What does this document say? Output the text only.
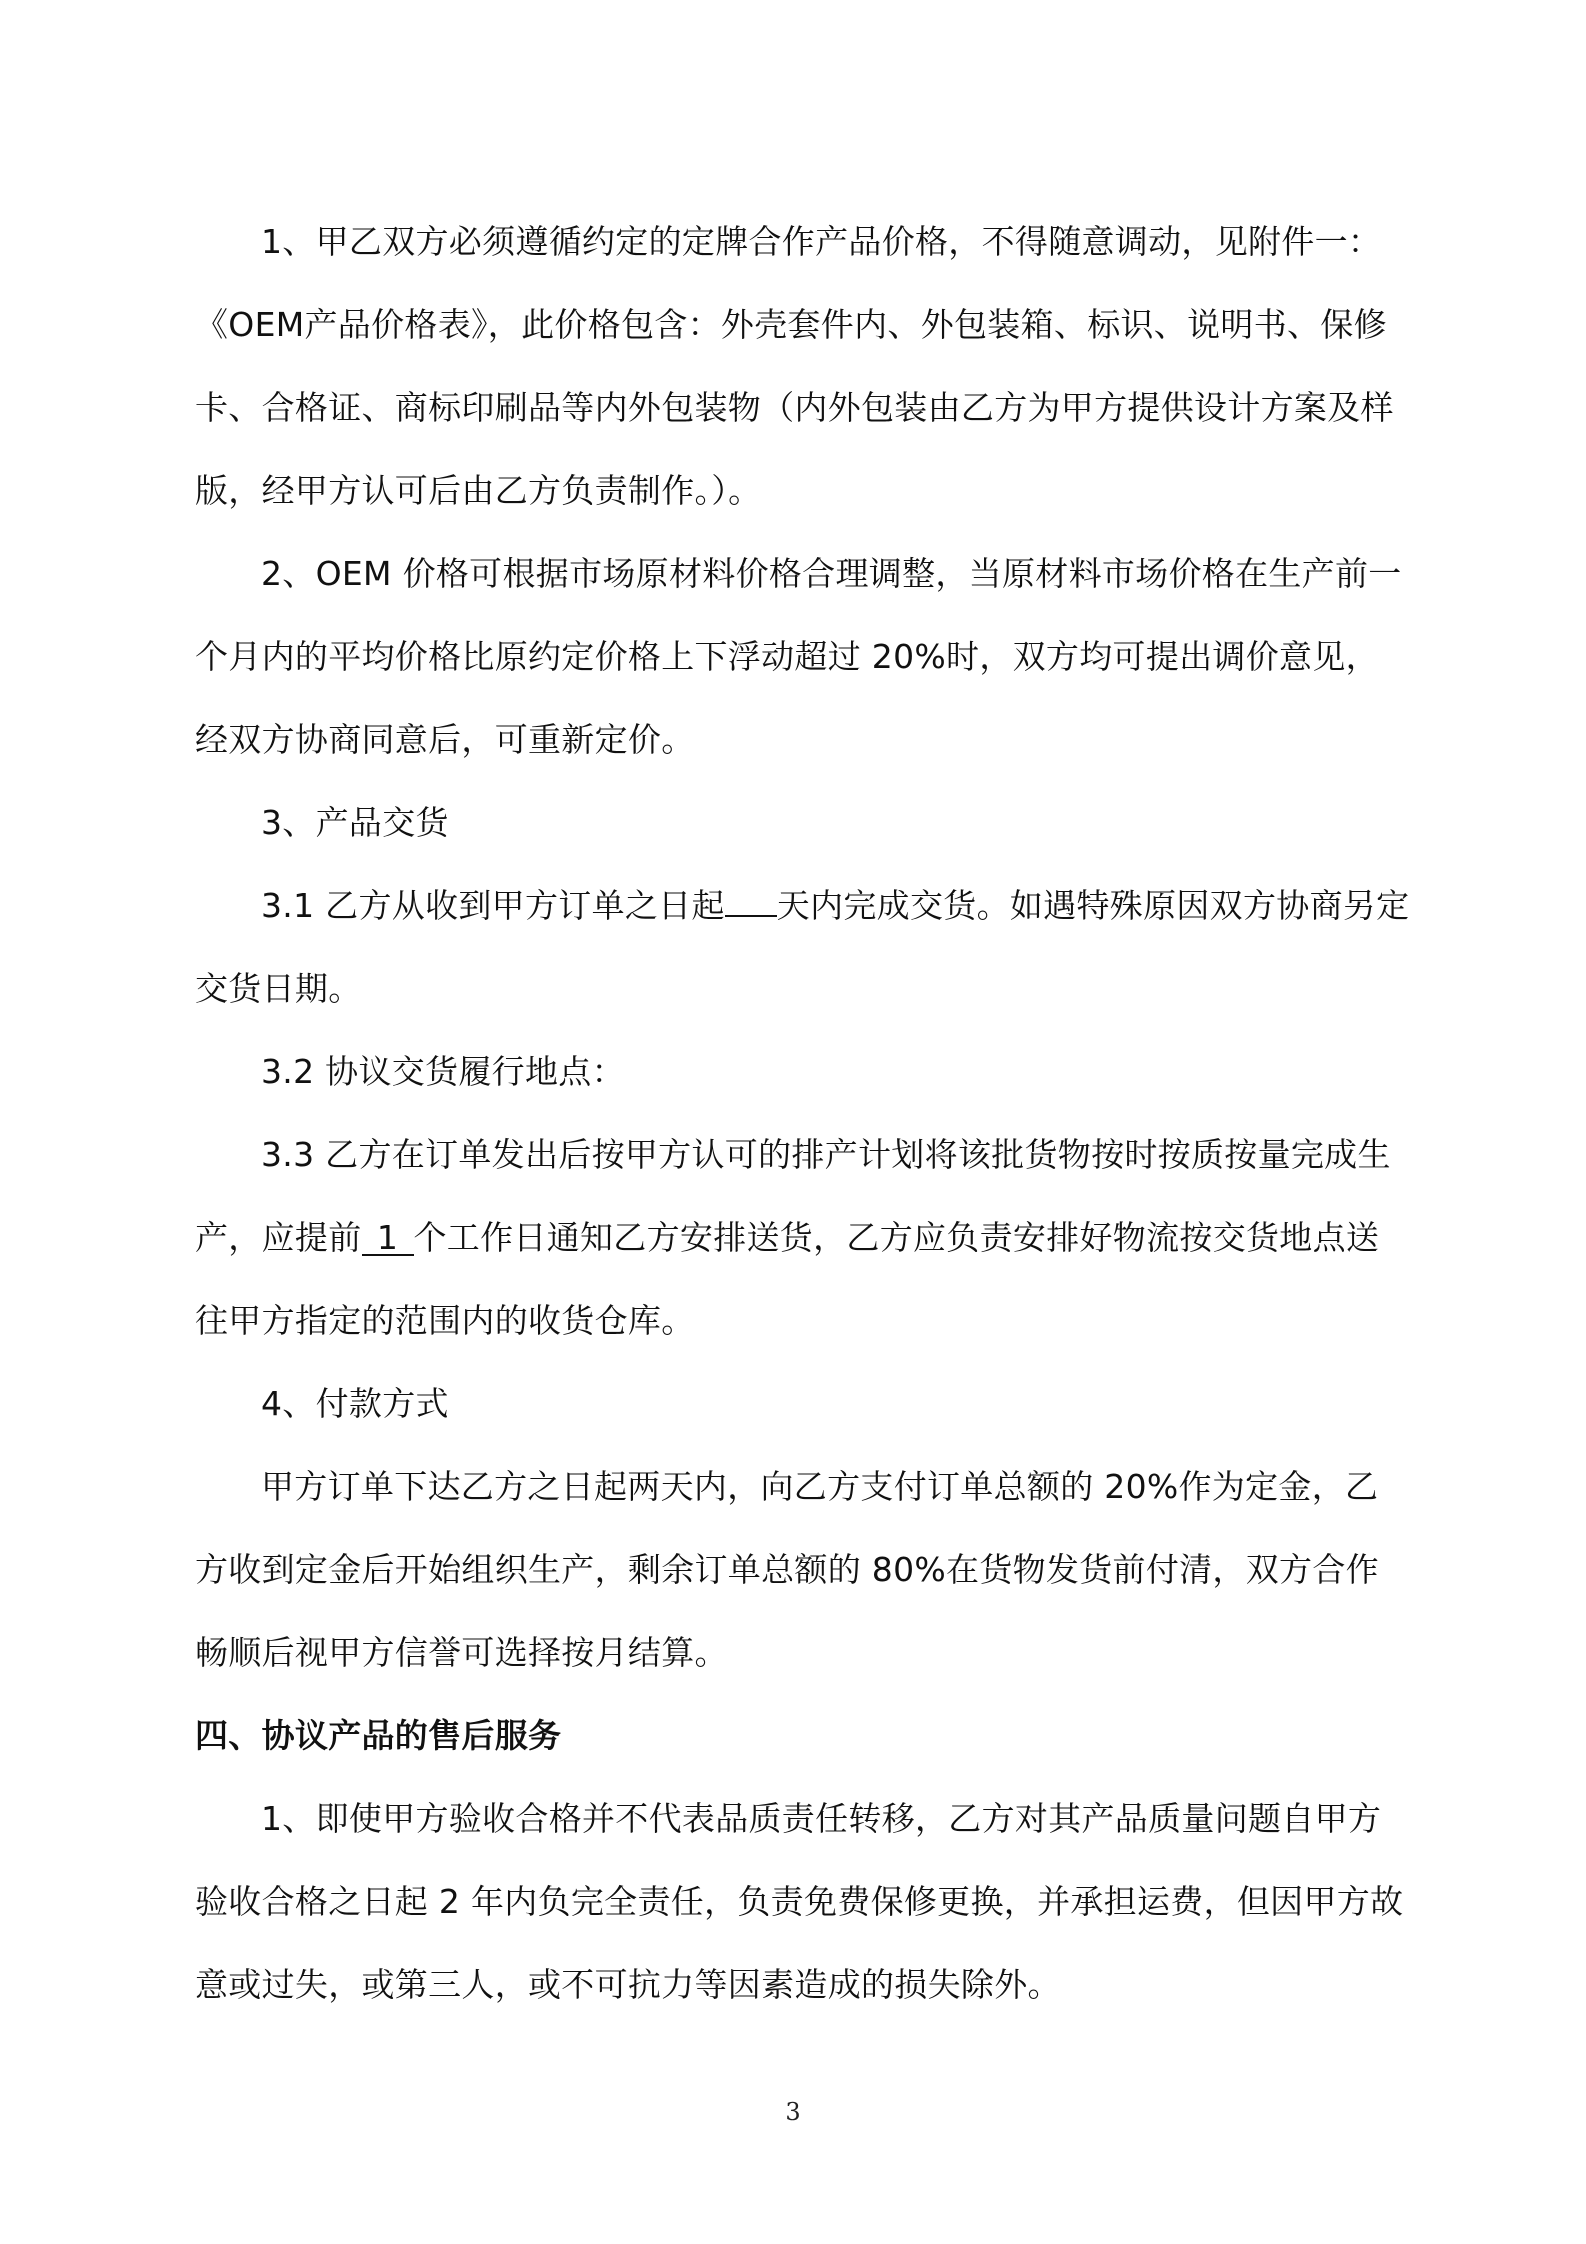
1、甲乙双方必须遵循约定的定牌合作产品价格，不得随意调动，见附件一：《OEM产品价格表》，此价格包含：外壳套件内、外包装箱、标识、说明书、保修卡、合格证、商标印刷品等内外包装物（内外包装由乙方为甲方提供设计方案及样版，经甲方认可后由乙方负责制作。）。

2、OEM 价格可根据市场原材料价格合理调整，当原材料市场价格在生产前一个月内的平均价格比原约定价格上下浮动超过 20%时，双方均可提出调价意见，经双方协商同意后，可重新定价。

3、产品交货

3.1 乙方从收到甲方订单之日起 天内完成交货。如遇特殊原因双方协商另定交货日期。

3.2 协议交货履行地点：

3.3 乙方在订单发出后按甲方认可的排产计划将该批货物按时按质按量完成生产，应提前 1 个工作日通知乙方安排送货，乙方应负责安排好物流按交货地点送往甲方指定的范围内的收货仓库。

4、付款方式

甲方订单下达乙方之日起两天内，向乙方支付订单总额的 20%作为定金，乙方收到定金后开始组织生产，剩余订单总额的 80%在货物发货前付清，双方合作畅顺后视甲方信誉可选择按月结算。

四、协议产品的售后服务

1、即使甲方验收合格并不代表品质责任转移，乙方对其产品质量问题自甲方验收合格之日起 2 年内负完全责任，负责免费保修更换，并承担运费，但因甲方故意或过失，或第三人，或不可抗力等因素造成的损失除外。

3
